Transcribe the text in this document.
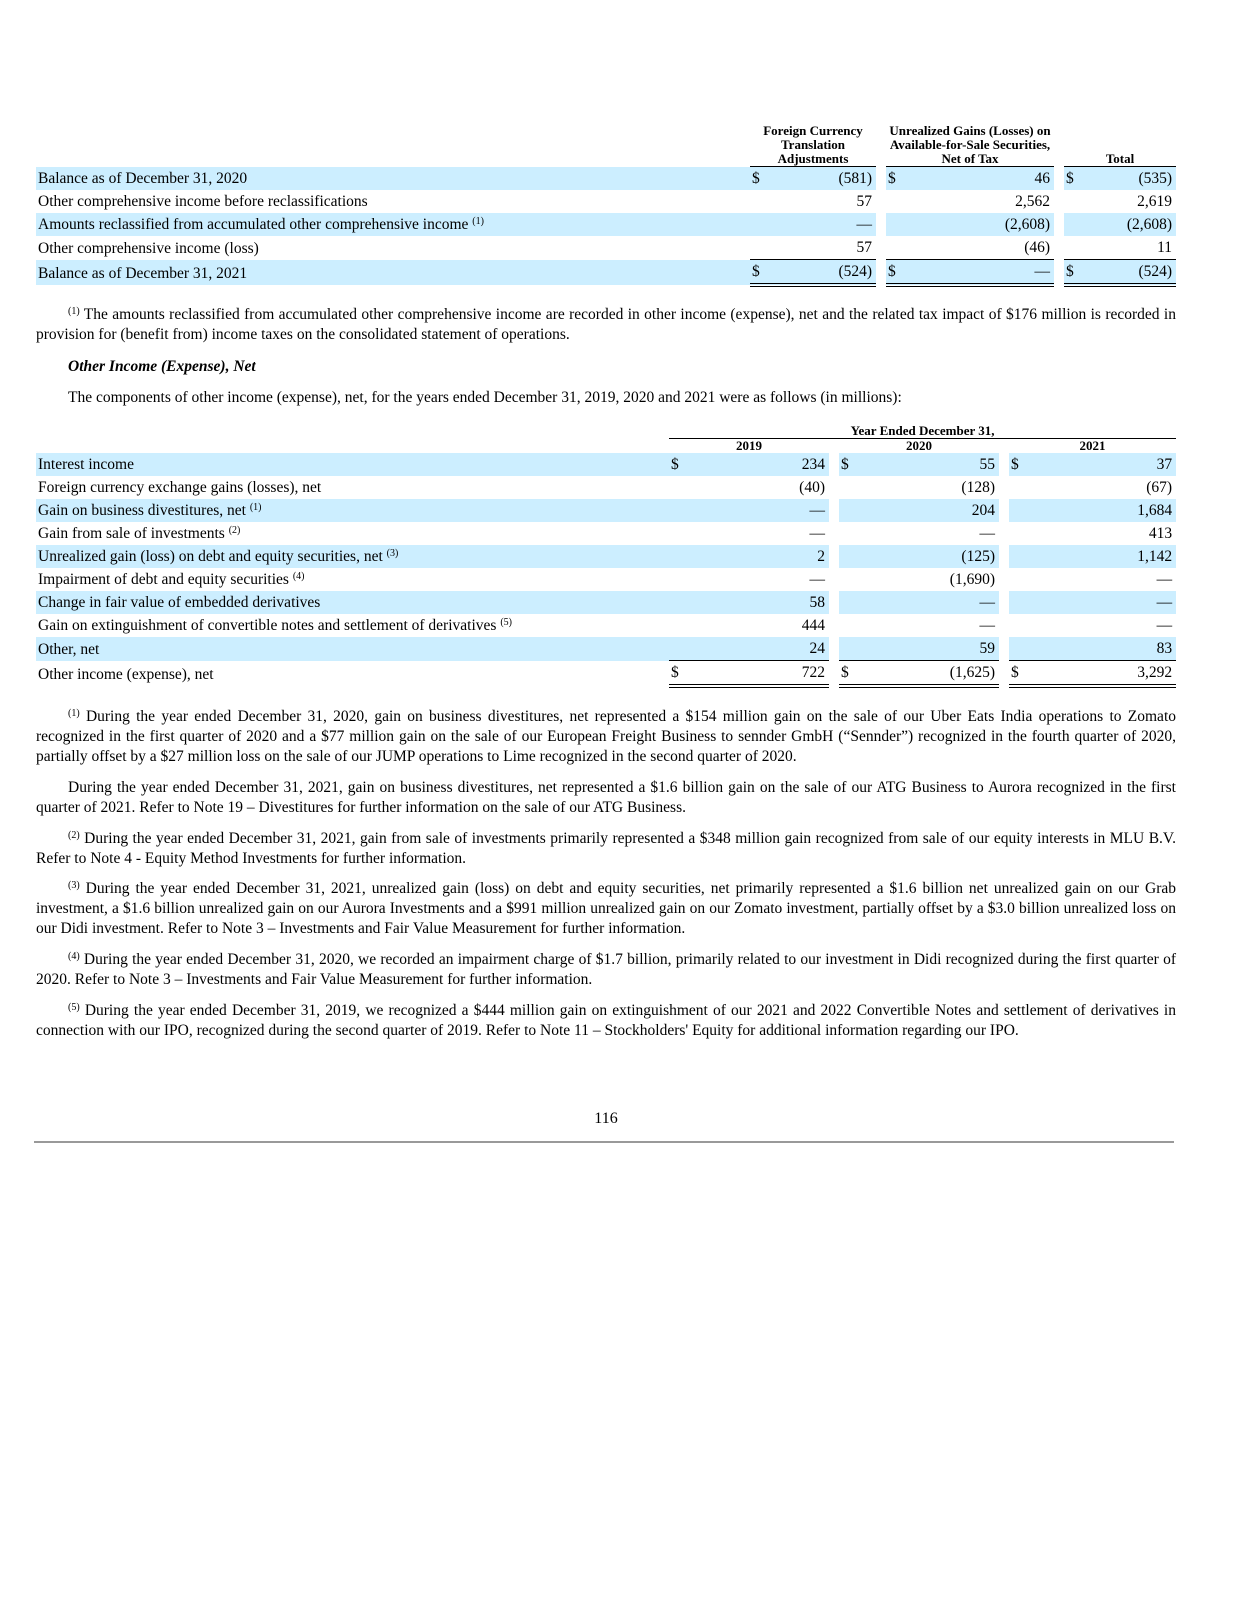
	Foreign Currency Translation Adjustments			Unrealized Gains (Losses) on Available-for-Sale Securities, Net of Tax			Total	
Balance as of December 31, 2020	$	(581)		$	46		$	(535)
Other comprehensive income before reclassifications		57			2,562			2,619
Amounts reclassified from accumulated other comprehensive income $^{(1)}$		—			(2,608)			(2,608)
Other comprehensive income (loss)		57			(46)			11
Balance as of December 31, 2021	$	(524)		$	—		$	(524)

$^{(1)}$ The amounts reclassified from accumulated other comprehensive income are recorded in other income (expense), net and the related tax impact of $176 million is recorded in provision for (benefit from) income taxes on the consolidated statement of operations.

Other Income (Expense), Net

The components of other income (expense), net, for the years ended December 31, 2019, 2020 and 2021 were as follows (in millions):

	Year Ended December 31,							
	2019			2020			2021	
Interest income	$	234		$	55		$	37
Foreign currency exchange gains (losses), net		(40)			(128)			(67)
Gain on business divestitures, net $^{(1)}$		—			204			1,684
Gain from sale of investments $^{(2)}$		—			—			413
Unrealized gain (loss) on debt and equity securities, net $^{(3)}$		2			(125)			1,142
Impairment of debt and equity securities $^{(4)}$		—			(1,690)			—
Change in fair value of embedded derivatives		58			—			—
Gain on extinguishment of convertible notes and settlement of derivatives $^{(5)}$		444			—			—
Other, net		24			59			83
Other income (expense), net	$	722		$	(1,625)		$	3,292

$^{(1)}$ During the year ended December 31, 2020, gain on business divestitures, net represented a $154 million gain on the sale of our Uber Eats India operations to Zomato recognized in the first quarter of 2020 and a $77 million gain on the sale of our European Freight Business to sennder GmbH (“Sennder”) recognized in the fourth quarter of 2020, partially offset by a $27 million loss on the sale of our JUMP operations to Lime recognized in the second quarter of 2020.

During the year ended December 31, 2021, gain on business divestitures, net represented a $1.6 billion gain on the sale of our ATG Business to Aurora recognized in the first quarter of 2021. Refer to Note 19 – Divestitures for further information on the sale of our ATG Business.

$^{(2)}$ During the year ended December 31, 2021, gain from sale of investments primarily represented a $348 million gain recognized from sale of our equity interests in MLU B.V. Refer to Note 4 - Equity Method Investments for further information.

$^{(3)}$ During the year ended December 31, 2021, unrealized gain (loss) on debt and equity securities, net primarily represented a $1.6 billion net unrealized gain on our Grab investment, a $1.6 billion unrealized gain on our Aurora Investments and a $991 million unrealized gain on our Zomato investment, partially offset by a $3.0 billion unrealized loss on our Didi investment. Refer to Note 3 – Investments and Fair Value Measurement for further information.

$^{(4)}$ During the year ended December 31, 2020, we recorded an impairment charge of $1.7 billion, primarily related to our investment in Didi recognized during the first quarter of 2020. Refer to Note 3 – Investments and Fair Value Measurement for further information.

$^{(5)}$ During the year ended December 31, 2019, we recognized a $444 million gain on extinguishment of our 2021 and 2022 Convertible Notes and settlement of derivatives in connection with our IPO, recognized during the second quarter of 2019. Refer to Note 11 – Stockholders' Equity for additional information regarding our IPO.

116
